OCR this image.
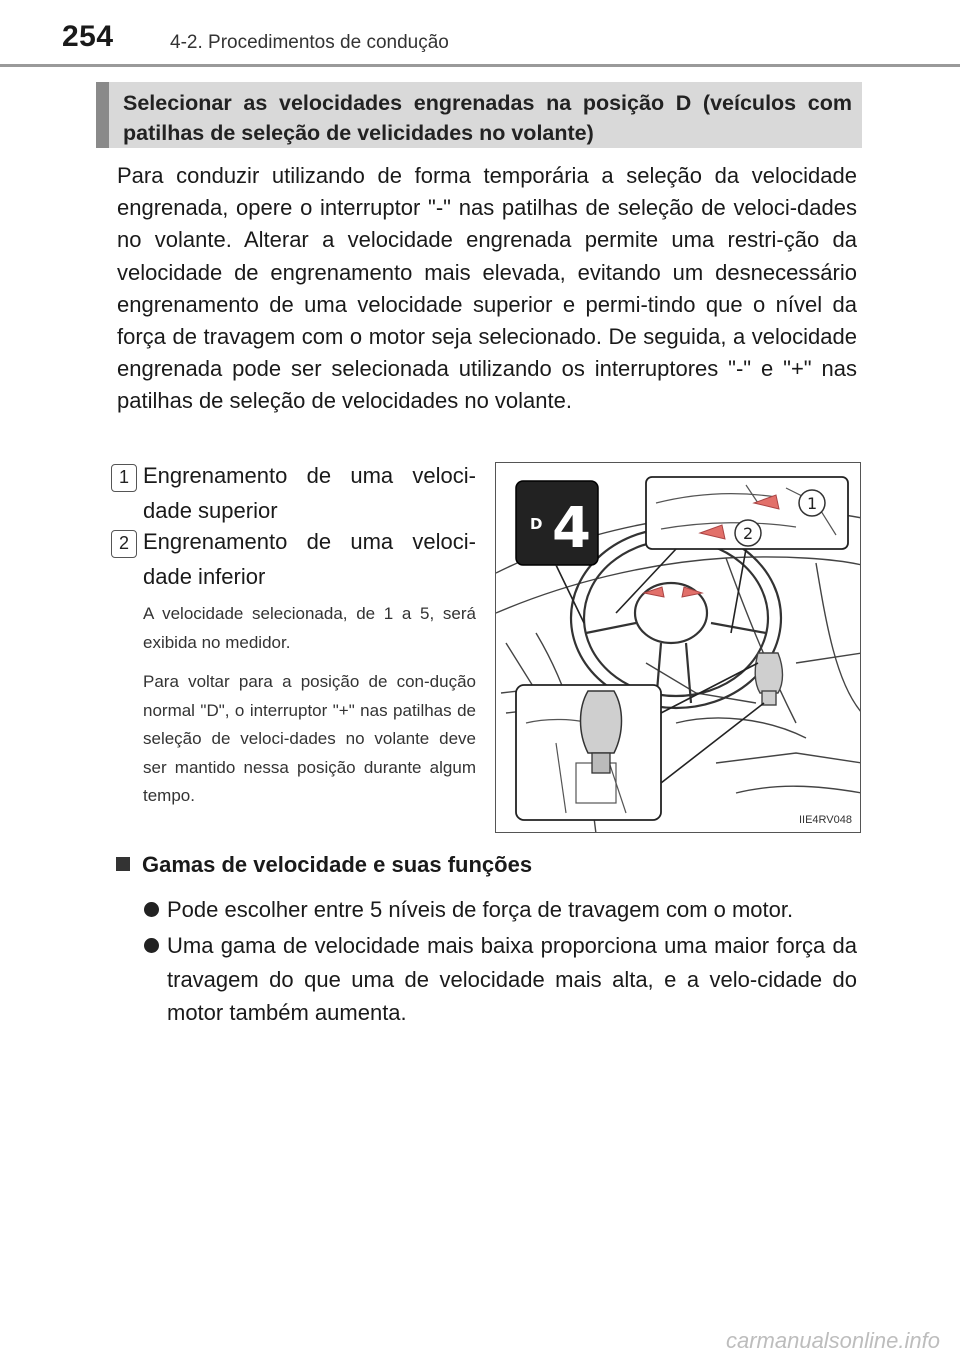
254	4-2. Procedimentos de condução
Selecionar as velocidades engrenadas na posição D (veículos com patilhas de seleção de velicidades no volante)

Para conduzir utilizando de forma temporária a seleção da velocidade engrenada, opere o interruptor "-" nas patilhas de seleção de veloci-dades no volante. Alterar a velocidade engrenada permite uma restri-ção da velocidade de engrenamento mais elevada, evitando um desnecessário engrenamento de uma velocidade superior e permi-tindo que o nível da força de travagem com o motor seja selecionado. De seguida, a velocidade engrenada pode ser selecionada utilizando os interruptores "-" e "+" nas patilhas de seleção de velocidades no volante.

1 Engrenamento de uma veloci-dade superior
2 Engrenamento de uma veloci-dade inferior
A velocidade selecionada, de 1 a 5, será exibida no medidor.
Para voltar para a posição de con-dução normal "D", o interruptor "+" nas patilhas de seleção de veloci-dades no volante deve ser mantido nessa posição durante algum tempo.
D 4	1
2
IIE4RV048
Gamas de velocidade e suas funções
Pode escolher entre 5 níveis de força de travagem com o motor.
Uma gama de velocidade mais baixa proporciona uma maior força da travagem do que uma de velocidade mais alta, e a velo-cidade do motor também aumenta.
carmanualsonline.info
